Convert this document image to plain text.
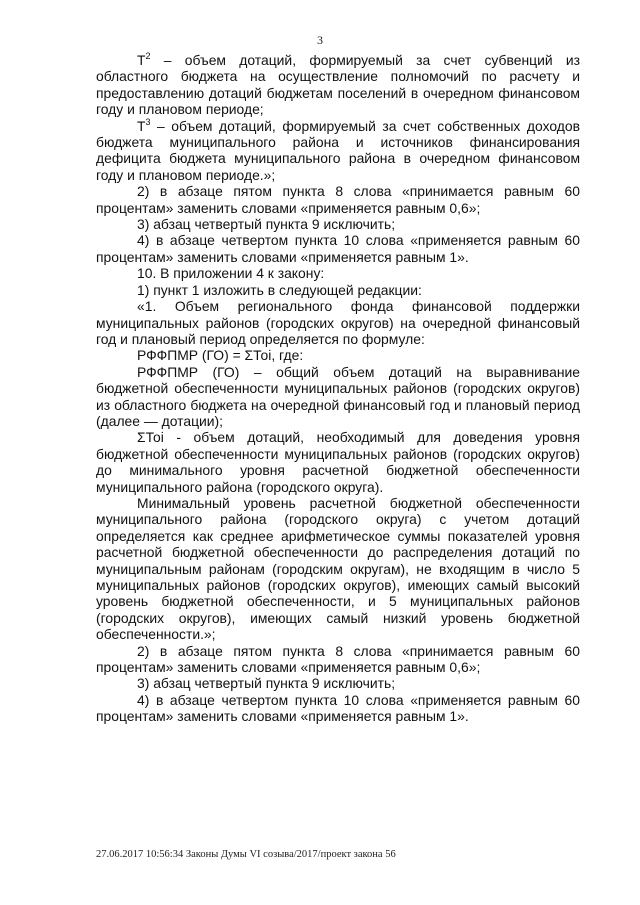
3

$Т^2$ – объем дотаций, формируемый за счет субвенций из областного бюджета на осуществление полномочий по расчету и предоставлению дотаций бюджетам поселений в очередном финансовом году и плановом периоде;

$Т^3$ – объем дотаций, формируемый за счет собственных доходов бюджета муниципального района и источников финансирования дефицита бюджета муниципального района в очередном финансовом году и плановом периоде.»;

2) в абзаце пятом пункта 8 слова «принимается равным 60 процентам» заменить словами «применяется равным 0,6»;

3) абзац четвертый пункта 9 исключить;

4) в абзаце четвертом пункта 10 слова «применяется равным 60 процентам» заменить словами «применяется равным 1».

10. В приложении 4 к закону:

1) пункт 1 изложить в следующей редакции:

«1. Объем регионального фонда финансовой поддержки муниципальных районов (городских округов) на очередной финансовый год и плановый период определяется по формуле:

РФФПМР (ГО) = ΣТоі, где:

РФФПМР (ГО) – общий объем дотаций на выравнивание бюджетной обеспеченности муниципальных районов (городских округов) из областного бюджета на очередной финансовый год и плановый период (далее — дотации);

ΣТоі - объем дотаций, необходимый для доведения уровня бюджетной обеспеченности муниципальных районов (городских округов) до минимального уровня расчетной бюджетной обеспеченности муниципального района (городского округа).

Минимальный уровень расчетной бюджетной обеспеченности муниципального района (городского округа) с учетом дотаций определяется как среднее арифметическое суммы показателей уровня расчетной бюджетной обеспеченности до распределения дотаций по муниципальным районам (городским округам), не входящим в число 5 муниципальных районов (городских округов), имеющих самый высокий уровень бюджетной обеспеченности, и 5 муниципальных районов (городских округов), имеющих самый низкий уровень бюджетной обеспеченности.»;

2) в абзаце пятом пункта 8 слова «принимается равным 60 процентам» заменить словами «применяется равным 0,6»;

3) абзац четвертый пункта 9 исключить;

4) в абзаце четвертом пункта 10 слова «применяется равным 60 процентам» заменить словами «применяется равным 1».

27.06.2017 10:56:34 Законы Думы VI созыва/2017/проект закона 56
